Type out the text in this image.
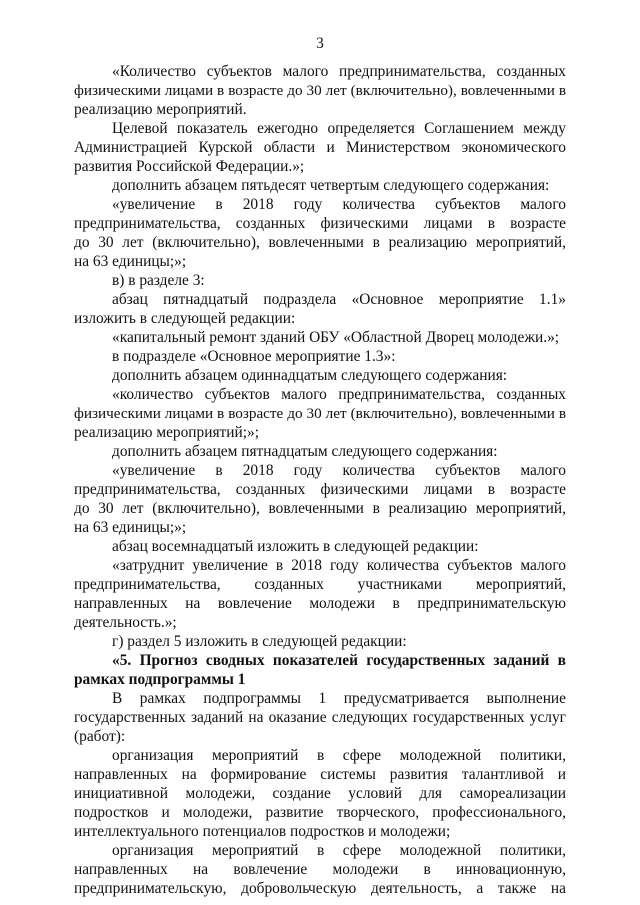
3
«Количество субъектов малого предпринимательства, созданных
физическими лицами в возрасте до 30 лет (включительно), вовлеченными в
реализацию мероприятий.
Целевой показатель ежегодно определяется Соглашением между
Администрацией Курской области и Министерством экономического
развития Российской Федерации.»;
дополнить абзацем пятьдесят четвертым следующего содержания:
«увеличение в 2018 году количества субъектов малого
предпринимательства, созданных физическими лицами в возрасте
до 30 лет (включительно), вовлеченными в реализацию мероприятий,
на 63 единицы;»;
в) в разделе 3:
абзац пятнадцатый подраздела «Основное мероприятие 1.1»
изложить в следующей редакции:
«капитальный ремонт зданий ОБУ «Областной Дворец молодежи.»;
в подразделе «Основное мероприятие 1.3»:
дополнить абзацем одиннадцатым следующего содержания:
«количество субъектов малого предпринимательства, созданных
физическими лицами в возрасте до 30 лет (включительно), вовлеченными в
реализацию мероприятий;»;
дополнить абзацем пятнадцатым следующего содержания:
«увеличение в 2018 году количества субъектов малого
предпринимательства, созданных физическими лицами в возрасте
до 30 лет (включительно), вовлеченными в реализацию мероприятий,
на 63 единицы;»;
абзац восемнадцатый изложить в следующей редакции:
«затруднит увеличение в 2018 году количества субъектов малого
предпринимательства, созданных участниками мероприятий,
направленных на вовлечение молодежи в предпринимательскую
деятельность.»;
г) раздел 5 изложить в следующей редакции:
«5. Прогноз сводных показателей государственных заданий в
рамках подпрограммы 1
В рамках подпрограммы 1 предусматривается выполнение
государственных заданий на оказание следующих государственных услуг
(работ):
организация мероприятий в сфере молодежной политики,
направленных на формирование системы развития талантливой и
инициативной молодежи, создание условий для самореализации
подростков и молодежи, развитие творческого, профессионального,
интеллектуального потенциалов подростков и молодежи;
организация мероприятий в сфере молодежной политики,
направленных на вовлечение молодежи в инновационную,
предпринимательскую, добровольческую деятельность, а также на
